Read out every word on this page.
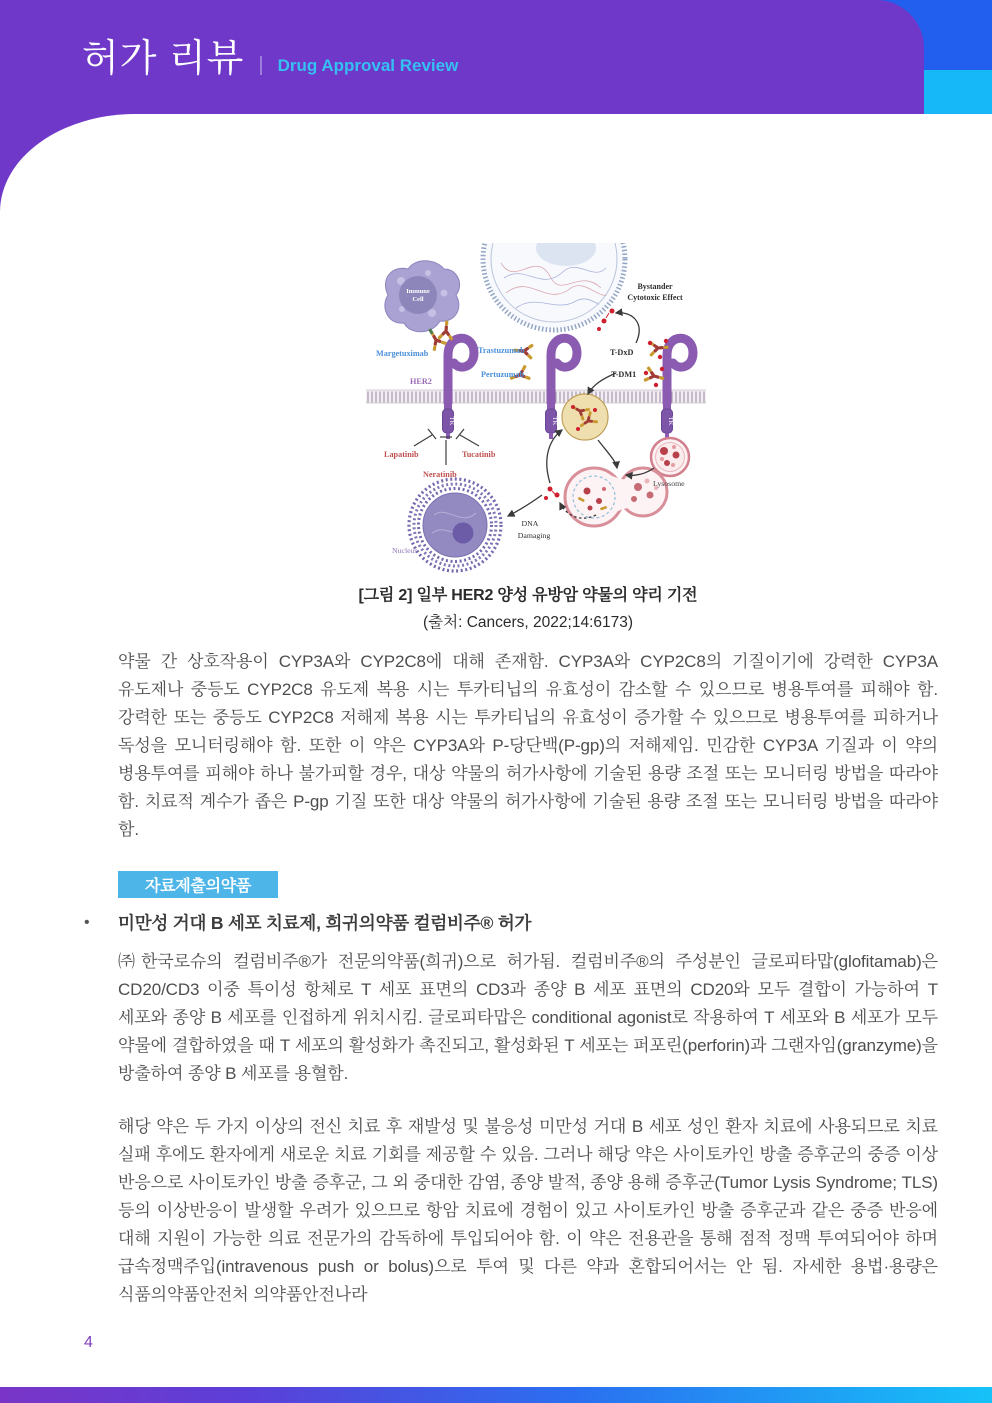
허가 리뷰 | Drug Approval Review
Immune
Cell
TK	TK	TK
Margetuximab
HER2
Trastuzumab
Pertuzumab
T-DxD
T-DM1
Bystander
Cytotoxic Effect
Lapatinib
Neratinib
Tucatinib
Lysosome
Nucleus
DNA
Damaging
[그림 2] 일부 HER2 양성 유방암 약물의 약리 기전
(출처: Cancers, 2022;14:6173)
약물 간 상호작용이 CYP3A와 CYP2C8에 대해 존재함. CYP3A와 CYP2C8의 기질이기에 강력한 CYP3A 유도제나 중등도 CYP2C8 유도제 복용 시는 투카티닙의 유효성이 감소할 수 있으므로 병용투여를 피해야 함. 강력한 또는 중등도 CYP2C8 저해제 복용 시는 투카티닙의 유효성이 증가할 수 있으므로 병용투여를 피하거나 독성을 모니터링해야 함. 또한 이 약은 CYP3A와 P-당단백(P-gp)의 저해제임. 민감한 CYP3A 기질과 이 약의 병용투여를 피해야 하나 불가피할 경우, 대상 약물의 허가사항에 기술된 용량 조절 또는 모니터링 방법을 따라야 함. 치료적 계수가 좁은 P-gp 기질 또한 대상 약물의 허가사항에 기술된 용량 조절 또는 모니터링 방법을 따라야 함.
자료제출의약품
•	미만성 거대 B 세포 치료제, 희귀의약품 컬럼비주® 허가
㈜한국로슈의 컬럼비주®가 전문의약품(희귀)으로 허가됨. 컬럼비주®의 주성분인 글로피타맙(glofitamab)은 CD20/CD3 이중 특이성 항체로 T 세포 표면의 CD3과 종양 B 세포 표면의 CD20와 모두 결합이 가능하여 T 세포와 종양 B 세포를 인접하게 위치시킴. 글로피타맙은 conditional agonist로 작용하여 T 세포와 B 세포가 모두 약물에 결합하였을 때 T 세포의 활성화가 촉진되고, 활성화된 T 세포는 퍼포린(perforin)과 그랜자임(granzyme)을 방출하여 종양 B 세포를 용혈함.
해당 약은 두 가지 이상의 전신 치료 후 재발성 및 불응성 미만성 거대 B 세포 성인 환자 치료에 사용되므로 치료 실패 후에도 환자에게 새로운 치료 기회를 제공할 수 있음. 그러나 해당 약은 사이토카인 방출 증후군의 중증 이상 반응으로 사이토카인 방출 증후군, 그 외 중대한 감염, 종양 발적, 종양 용해 증후군(Tumor Lysis Syndrome; TLS) 등의 이상반응이 발생할 우려가 있으므로 항암 치료에 경험이 있고 사이토카인 방출 증후군과 같은 중증 반응에 대해 지원이 가능한 의료 전문가의 감독하에 투입되어야 함. 이 약은 전용관을 통해 점적 정맥 투여되어야 하며 급속정맥주입(intravenous push or bolus)으로 투여 및 다른 약과 혼합되어서는 안 됨. 자세한 용법·용량은 식품의약품안전처 의약품안전나라
4
